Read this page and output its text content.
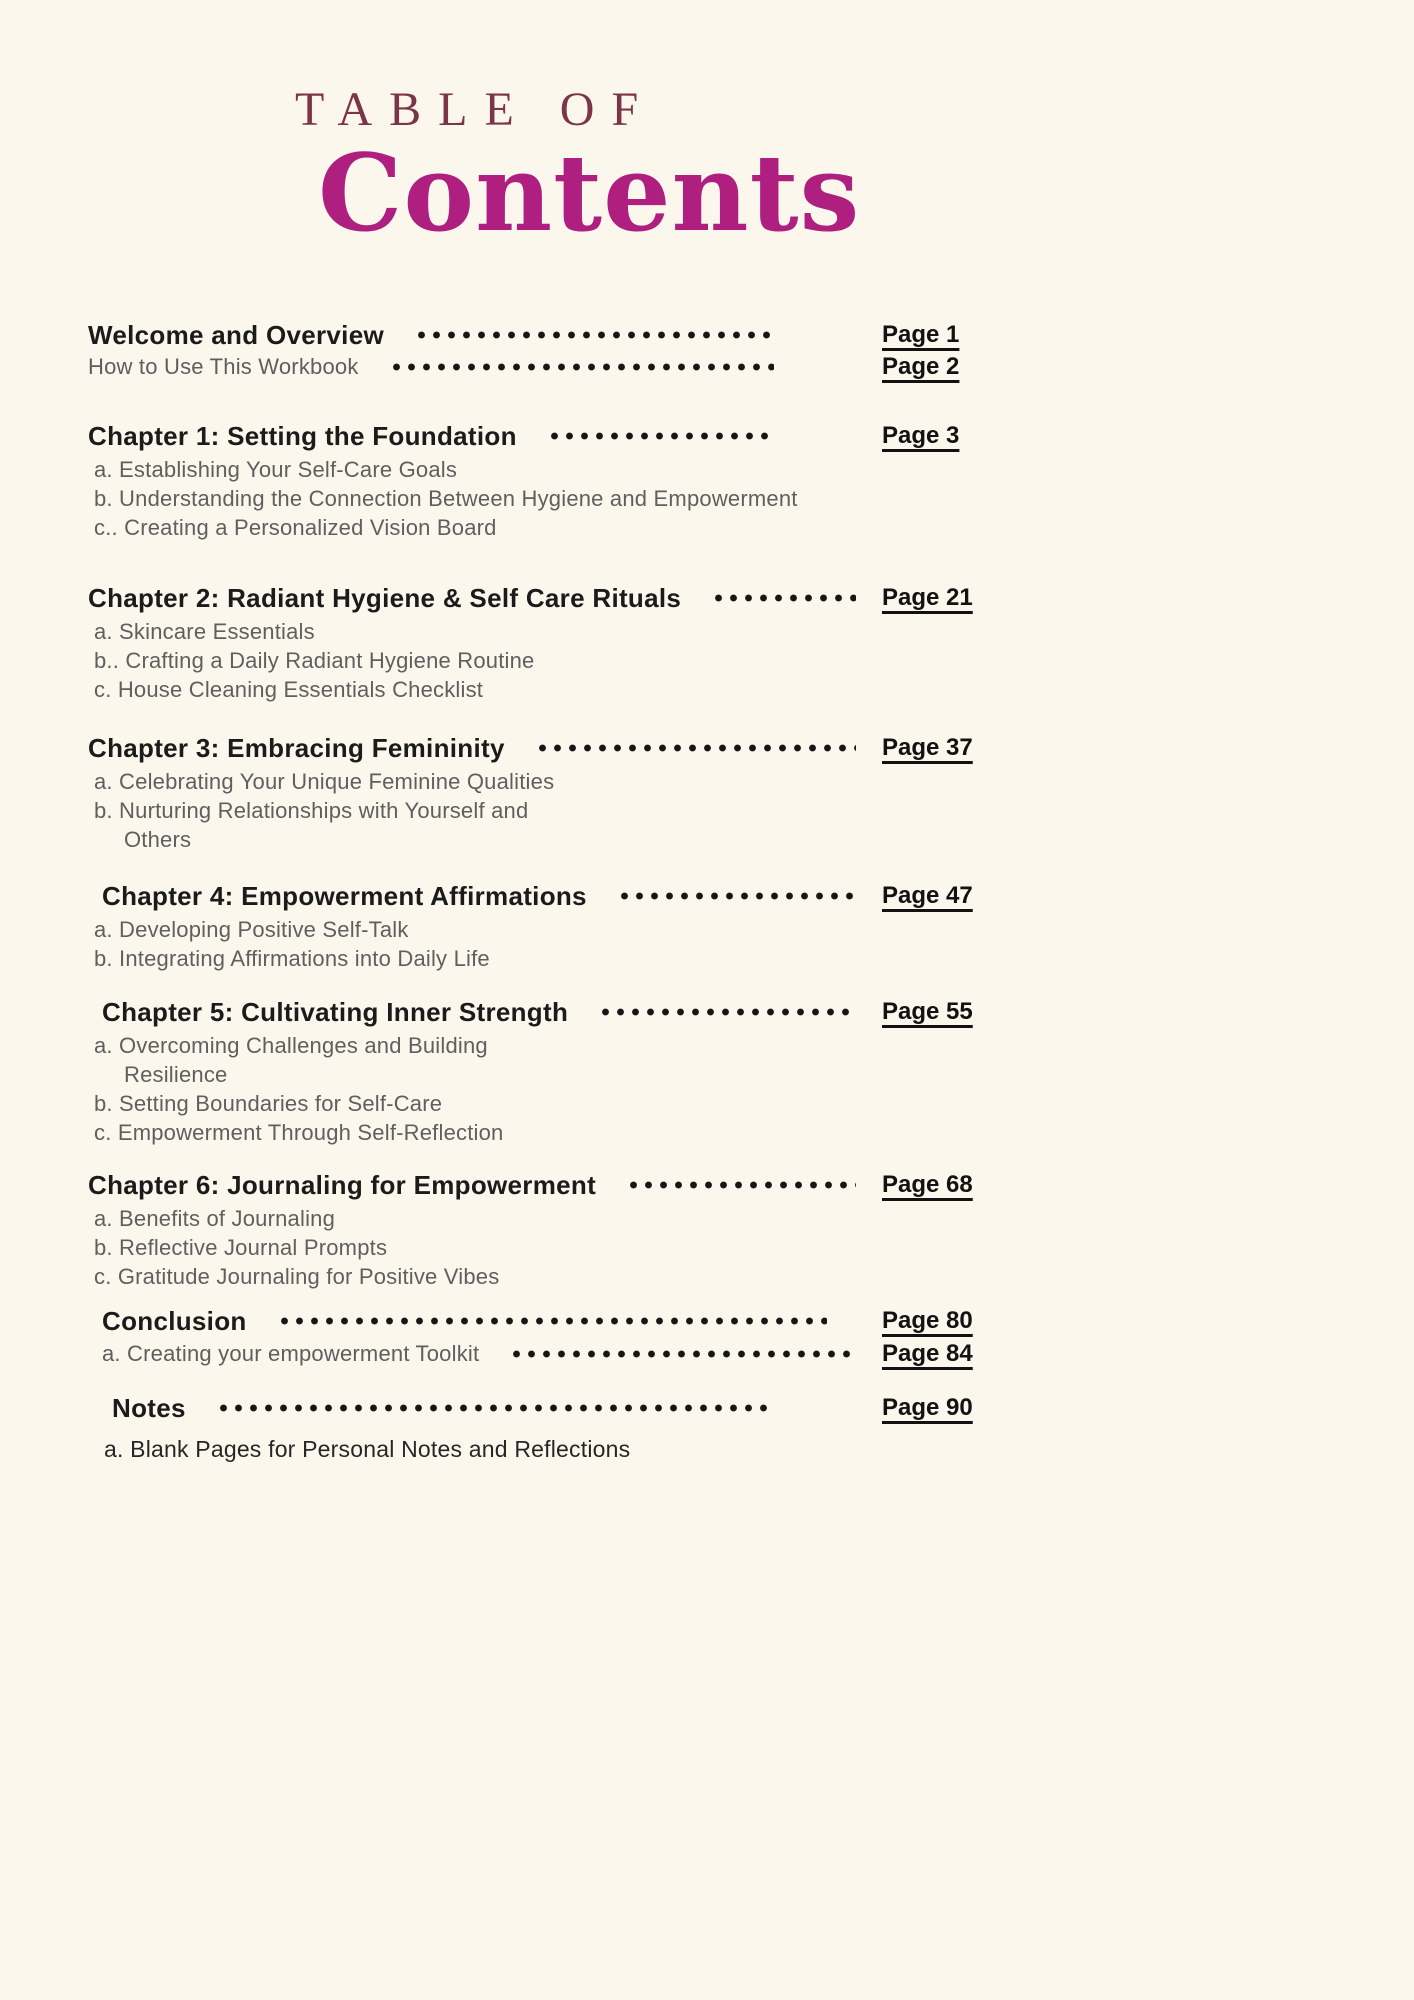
TABLE OF
Contents
Welcome and Overview	Page 1
How to Use This Workbook	Page 2
Chapter 1: Setting the Foundation	Page 3
a. Establishing Your Self-Care Goals
b. Understanding the Connection Between Hygiene and Empowerment
c.. Creating a Personalized Vision Board
Chapter 2: Radiant Hygiene & Self Care Rituals	Page 21
a. Skincare Essentials
b.. Crafting a Daily Radiant Hygiene Routine
c. House Cleaning Essentials Checklist
Chapter 3: Embracing Femininity	Page 37
a. Celebrating Your Unique Feminine Qualities
b. Nurturing Relationships with Yourself and
Others
Chapter 4: Empowerment Affirmations	Page 47
a. Developing Positive Self-Talk
b. Integrating Affirmations into Daily Life
Chapter 5: Cultivating Inner Strength	Page 55
a. Overcoming Challenges and Building
Resilience
b. Setting Boundaries for Self-Care
c. Empowerment Through Self-Reflection
Chapter 6: Journaling for Empowerment	Page 68
a. Benefits of Journaling
b. Reflective Journal Prompts
c. Gratitude Journaling for Positive Vibes
Conclusion	Page 80
a. Creating your empowerment Toolkit	Page 84
Notes	Page 90
a. Blank Pages for Personal Notes and Reflections
